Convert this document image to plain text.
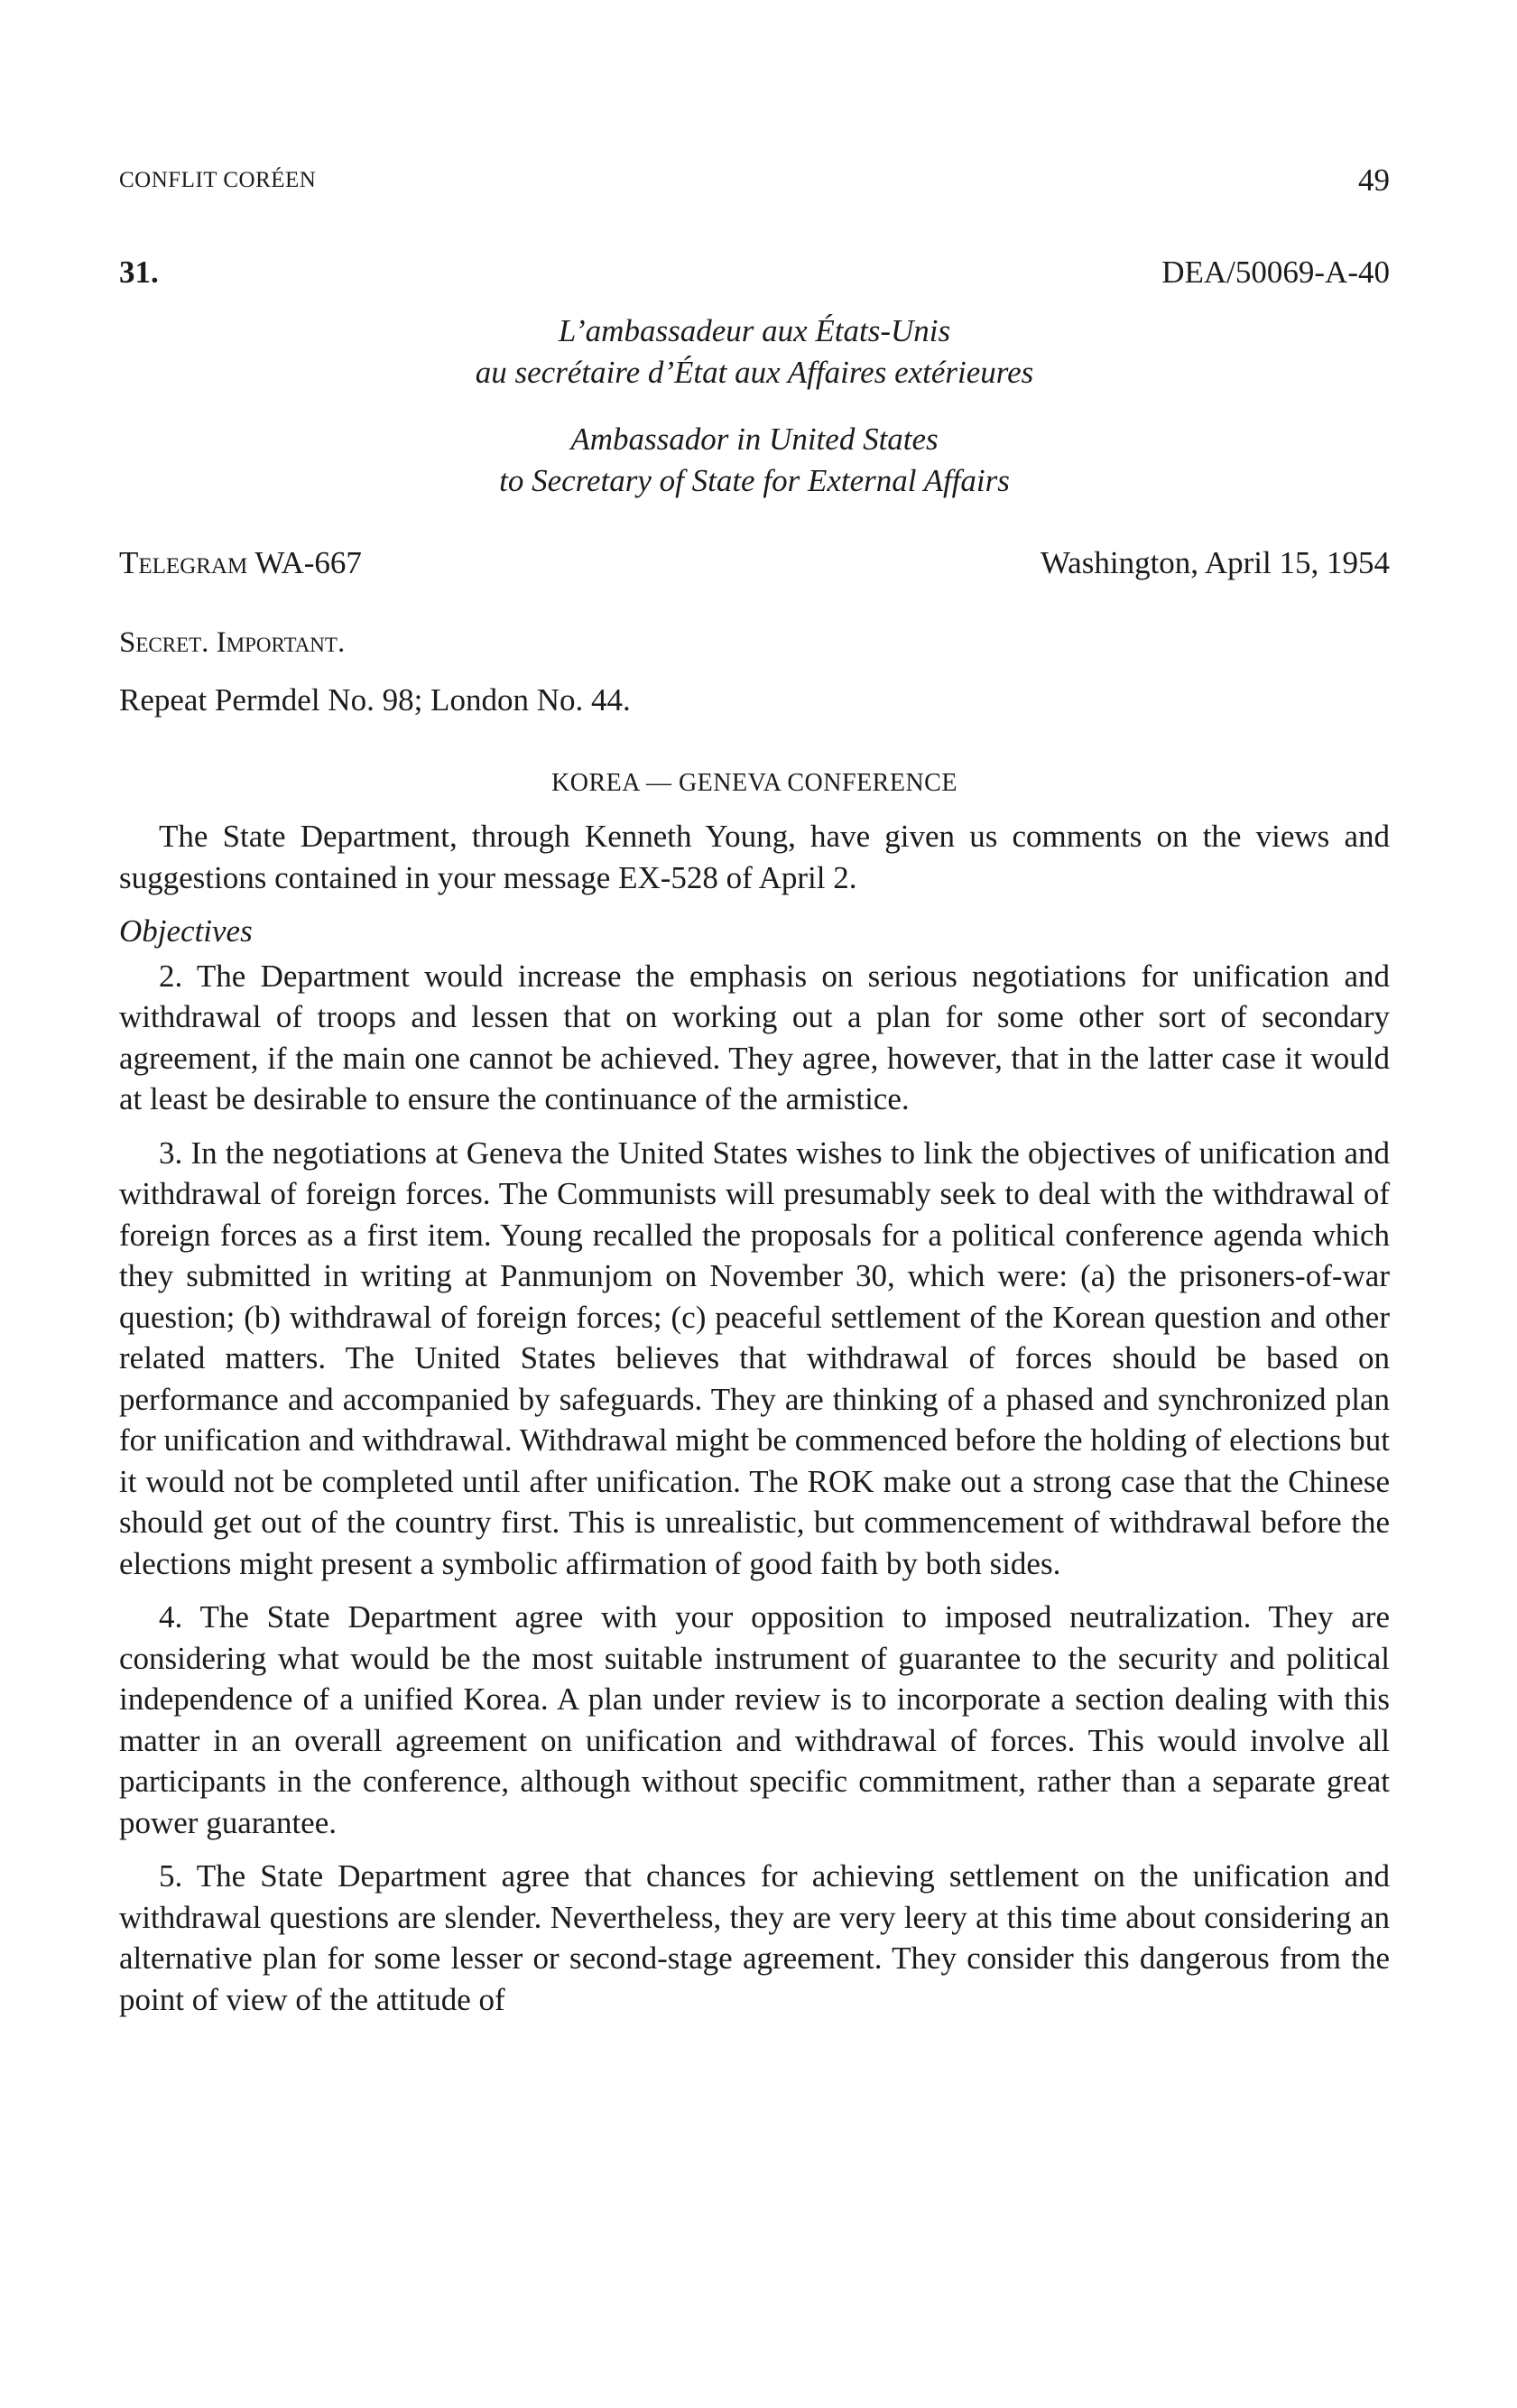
CONFLIT CORÉEN	49
31.	DEA/50069-A-40
L’ambassadeur aux États-Unis
au secrétaire d’État aux Affaires extérieures
Ambassador in United States
to Secretary of State for External Affairs
Telegram WA-667	Washington, April 15, 1954
Secret. Important.
Repeat Permdel No. 98; London No. 44.
KOREA — GENEVA CONFERENCE

The State Department, through Kenneth Young, have given us comments on the views and suggestions contained in your message EX-528 of April 2.

Objectives

2. The Department would increase the emphasis on serious negotiations for unification and withdrawal of troops and lessen that on working out a plan for some other sort of secondary agreement, if the main one cannot be achieved. They agree, however, that in the latter case it would at least be desirable to ensure the continuance of the armistice.

3. In the negotiations at Geneva the United States wishes to link the objectives of unification and withdrawal of foreign forces. The Communists will presumably seek to deal with the withdrawal of foreign forces as a first item. Young recalled the proposals for a political conference agenda which they submitted in writing at Panmunjom on November 30, which were: (a) the prisoners-of-war question; (b) withdrawal of foreign forces; (c) peaceful settlement of the Korean question and other related matters. The United States believes that withdrawal of forces should be based on performance and accompanied by safeguards. They are thinking of a phased and synchronized plan for unification and withdrawal. Withdrawal might be commenced before the holding of elections but it would not be completed until after unification. The ROK make out a strong case that the Chinese should get out of the country first. This is unrealistic, but commencement of withdrawal before the elections might present a symbolic affirmation of good faith by both sides.

4. The State Department agree with your opposition to imposed neutralization. They are considering what would be the most suitable instrument of guarantee to the security and political independence of a unified Korea. A plan under review is to incorporate a section dealing with this matter in an overall agreement on unification and withdrawal of forces. This would involve all participants in the conference, although without specific commitment, rather than a separate great power guarantee.

5. The State Department agree that chances for achieving settlement on the unification and withdrawal questions are slender. Nevertheless, they are very leery at this time about considering an alternative plan for some lesser or second-stage agreement. They consider this dangerous from the point of view of the attitude of
